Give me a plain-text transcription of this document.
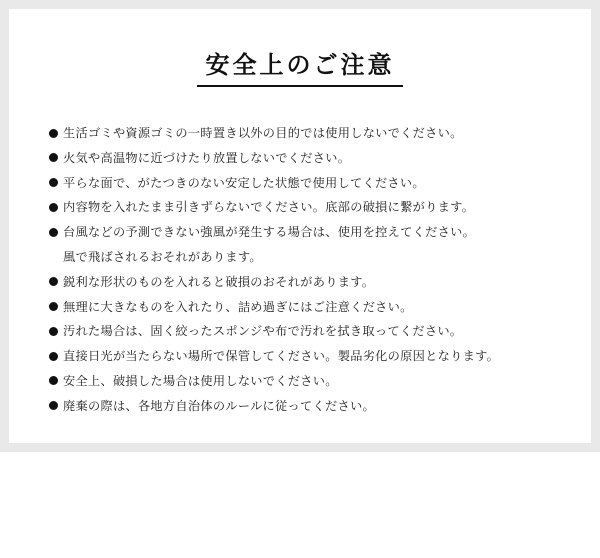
安全上のご注意
生活ゴミや資源ゴミの一時置き以外の目的では使用しないでください。
火気や高温物に近づけたり放置しないでください。
平らな面で、がたつきのない安定した状態で使用してください。
内容物を入れたまま引きずらないでください。底部の破損に繋がります。
台風などの予測できない強風が発生する場合は、使用を控えてください。
風で飛ばされるおそれがあります。
鋭利な形状のものを入れると破損のおそれがあります。
無理に大きなものを入れたり、詰め過ぎにはご注意ください。
汚れた場合は、固く絞ったスポンジや布で汚れを拭き取ってください。
直接日光が当たらない場所で保管してください。製品劣化の原因となります。
安全上、破損した場合は使用しないでください。
廃棄の際は、各地方自治体のルールに従ってください。
